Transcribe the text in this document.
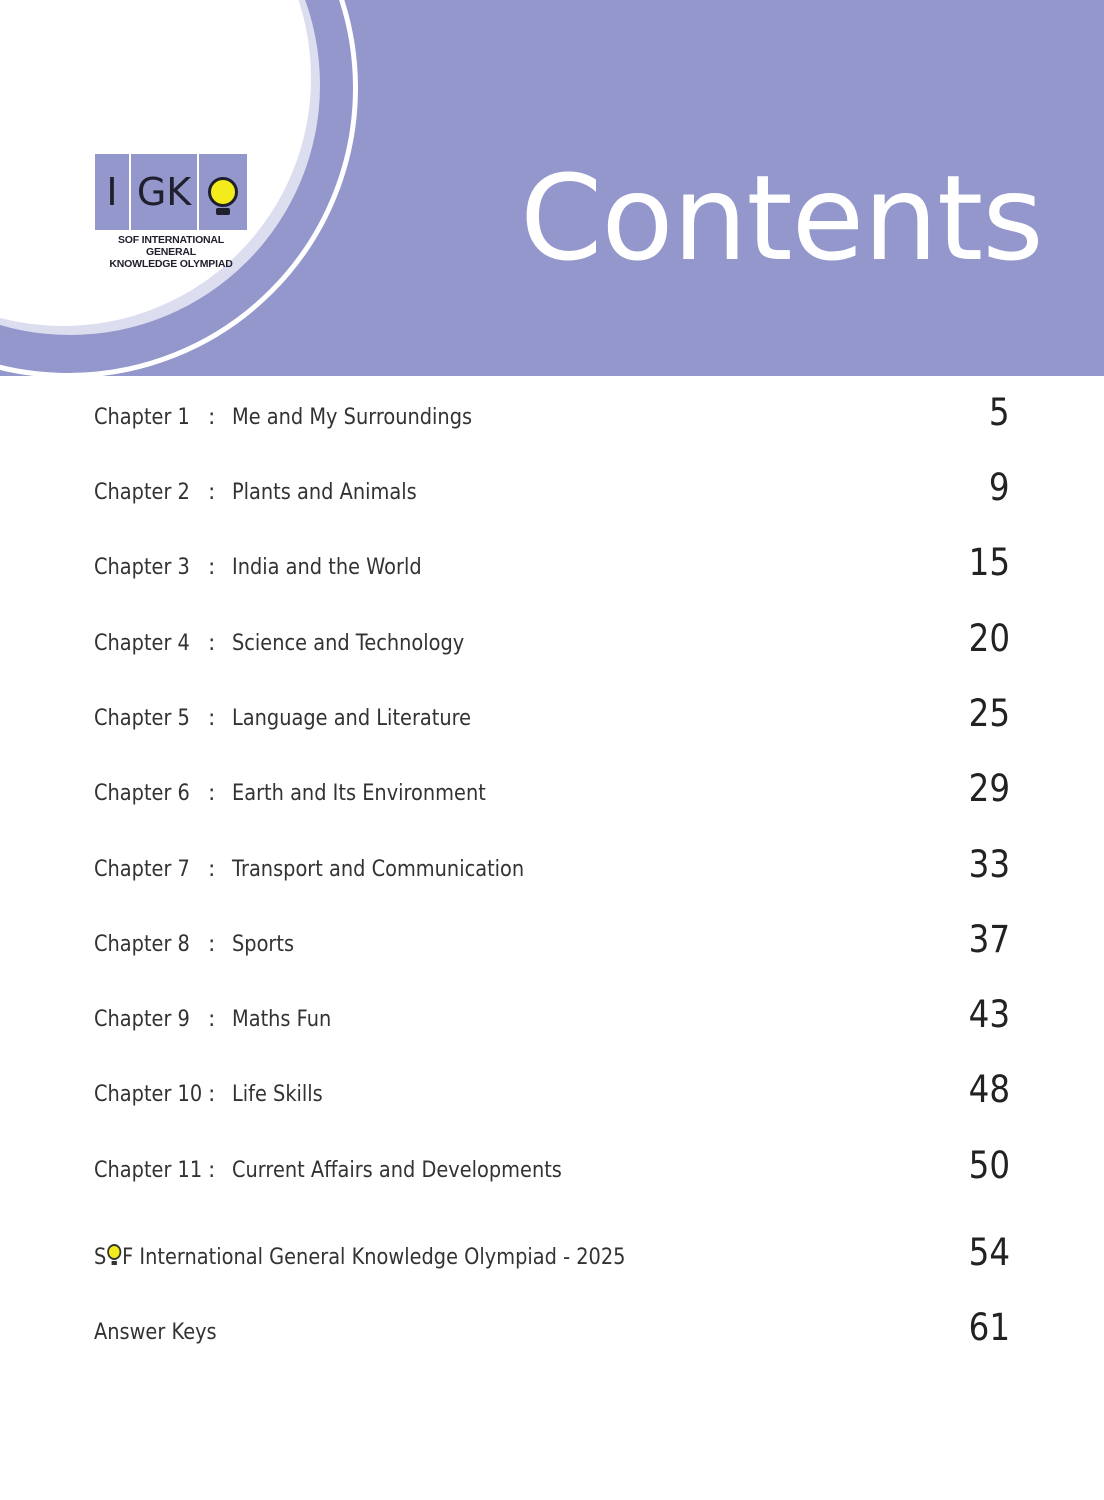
I GK
SOF INTERNATIONAL GENERAL
KNOWLEDGE OLYMPIAD Contents
Chapter 1 : Me and My Surroundings	5
Chapter 2 : Plants and Animals	9
Chapter 3 : India and the World	15
Chapter 4 : Science and Technology	20
Chapter 5 : Language and Literature	25
Chapter 6 : Earth and Its Environment	29
Chapter 7 : Transport and Communication	33
Chapter 8 : Sports	37
Chapter 9 : Maths Fun	43
Chapter 10 : Life Skills	48
Chapter 11 : Current Affairs and Developments	50
S F International General Knowledge Olympiad - 2025	54
Answer Keys	61
